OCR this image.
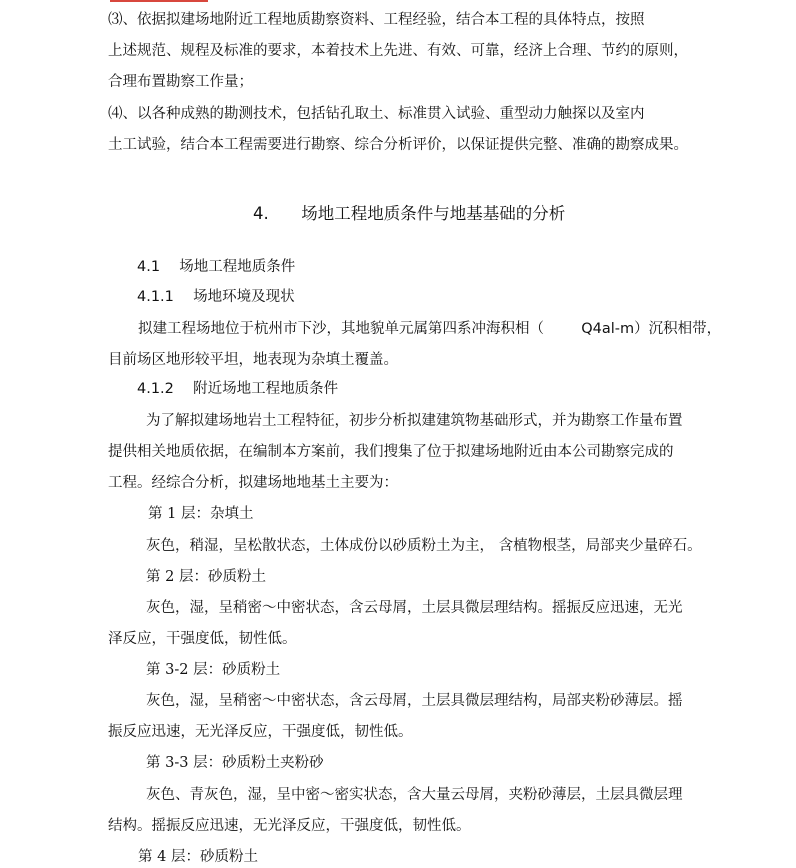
⑶、依据拟建场地附近工程地质勘察资料、工程经验，结合本工程的具体特点，按照
上述规范、规程及标准的要求，本着技术上先进、有效、可靠，经济上合理、节约的原则，
合理布置勘察工作量；
⑷、以各种成熟的勘测技术，包括钻孔取土、标准贯入试验、重型动力触探以及室内
土工试验，结合本工程需要进行勘察、综合分析评价，以保证提供完整、准确的勘察成果。
4. 场地工程地质条件与地基基础的分析
4.1 场地工程地质条件
4.1.1 场地环境及现状
拟建工程场地位于杭州市下沙，其地貌单元属第四系冲海积相（	Q4al-m）沉积相带，
目前场区地形较平坦，地表现为杂填土覆盖。
4.1.2 附近场地工程地质条件
为了解拟建场地岩土工程特征，初步分析拟建建筑物基础形式，并为勘察工作量布置
提供相关地质依据，在编制本方案前，我们搜集了位于拟建场地附近由本公司勘察完成的
工程。经综合分析，拟建场地地基土主要为：
第 1 层：杂填土
灰色，稍湿，呈松散状态，土体成份以砂质粉土为主， 含植物根茎，局部夹少量碎石。
第 2 层：砂质粉土
灰色，湿，呈稍密～中密状态，含云母屑，土层具微层理结构。摇振反应迅速，无光
泽反应，干强度低，韧性低。
第 3-2 层：砂质粉土
灰色，湿，呈稍密～中密状态，含云母屑，土层具微层理结构，局部夹粉砂薄层。摇
振反应迅速，无光泽反应，干强度低，韧性低。
第 3-3 层：砂质粉土夹粉砂
灰色、青灰色，湿，呈中密～密实状态，含大量云母屑，夹粉砂薄层，土层具微层理
结构。摇振反应迅速，无光泽反应，干强度低，韧性低。
第 4 层：砂质粉土
